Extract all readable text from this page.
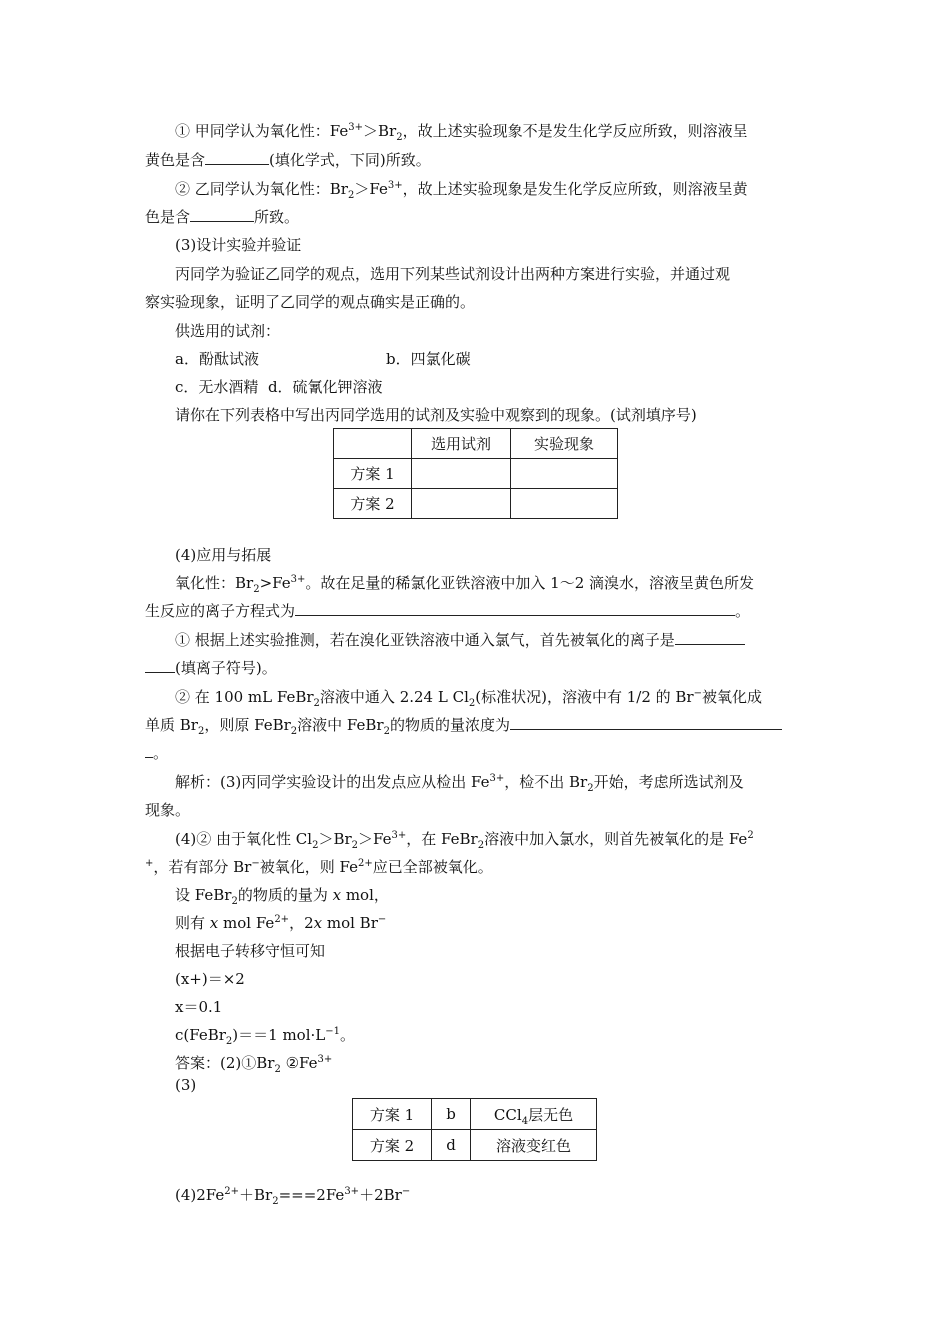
① 甲同学认为氧化性：$Fe^{3+}>Br_2$，故上述实验现象不是发生化学反应所致，则溶液呈
黄色是含	(填化学式，下同)所致。
② 乙同学认为氧化性：$Br_2>Fe^{3+}$，故上述实验现象是发生化学反应所致，则溶液呈黄
色是含	所致。
(3)设计实验并验证
丙同学为验证乙同学的观点，选用下列某些试剂设计出两种方案进行实验，并通过观
察实验现象，证明了乙同学的观点确实是正确的。
供选用的试剂：
a．酚酞试液	b．四氯化碳
c．无水酒精 d．硫氰化钾溶液
请你在下列表格中写出丙同学选用的试剂及实验中观察到的现象。(试剂填序号)
	选用试剂	实验现象
方案 1		
方案 2		
(4)应用与拓展
氧化性：$Br_2>Fe^{3+}$。故在足量的稀氯化亚铁溶液中加入 1～2 滴溴水，溶液呈黄色所发
生反应的离子方程式为	。
① 根据上述实验推测，若在溴化亚铁溶液中通入氯气，首先被氧化的离子是
(填离子符号)。
② 在 100 mL FeBr$_2$溶液中通入 2.24 L $Cl_2$(标准状况)，溶液中有 1/2 的 Br−被氧化成
单质 $Br_2$，则原 FeBr$_2$溶液中 FeBr$_2$的物质的量浓度为
。
解析：(3)丙同学实验设计的出发点应从检出 $Fe^{3+}$，检不出 $Br_2$开始，考虑所选试剂及
现象。
(4)② 由于氧化性 $Cl_2>Br_2>Fe^{3+}$，在 FeBr$_2$溶液中加入氯水，则首先被氧化的是 Fe$^2$
+，若有部分 Br−被氧化，则 $Fe^{2+}$应已全部被氧化。
设 FeBr$_2$的物质的量为 x mol，
则有 x mol $Fe^{2+}$，2x mol Br−
根据电子转移守恒可知
(x+)＝×2
x＝0.1
c(FeBr$_2$)＝＝1 $mol\cdot L^{-1}$。
答案：$(2)①Br_2$ $②Fe^{3+}$
(3)
方案 1	b	CCl$_4$层无色
方案 2	d	溶液变红色
$(4)2Fe^{2+}+Br_2===2Fe^{3+}+2Br^-$
